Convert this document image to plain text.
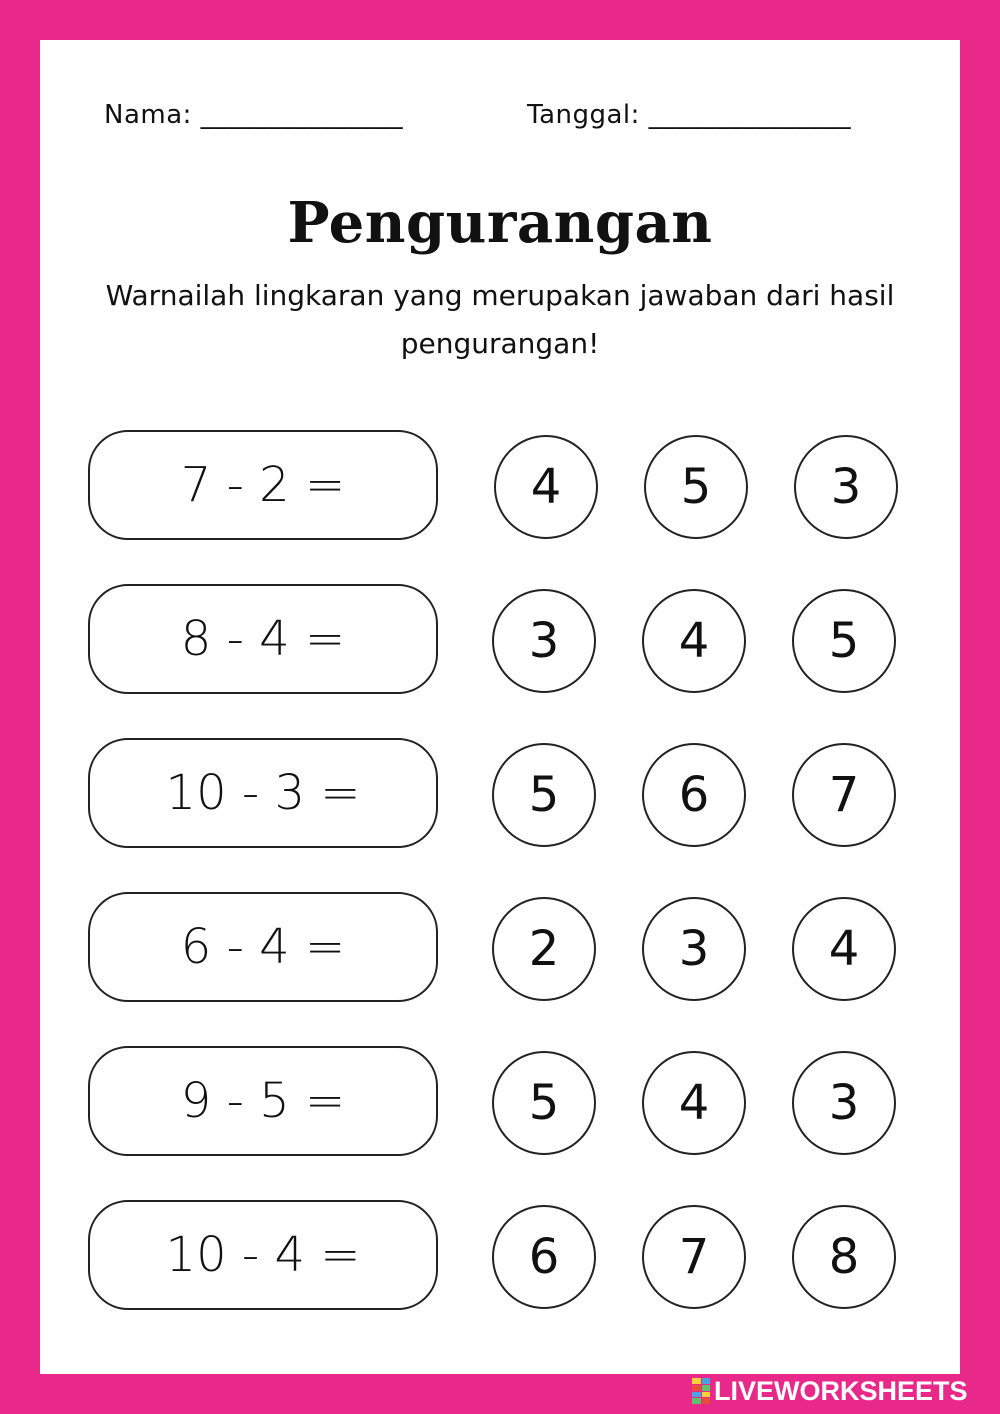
Nama: _______________	Tanggal: _______________
Pengurangan
Warnailah lingkaran yang merupakan jawaban dari hasil pengurangan!
7 - 2 =	4	5	3
8 - 4 =	3	4	5
10 - 3 =	5	6	7
6 - 4 =	2	3	4
9 - 5 =	5	4	3
10 - 4 =	6	7	8
LIVEWORKSHEETS
